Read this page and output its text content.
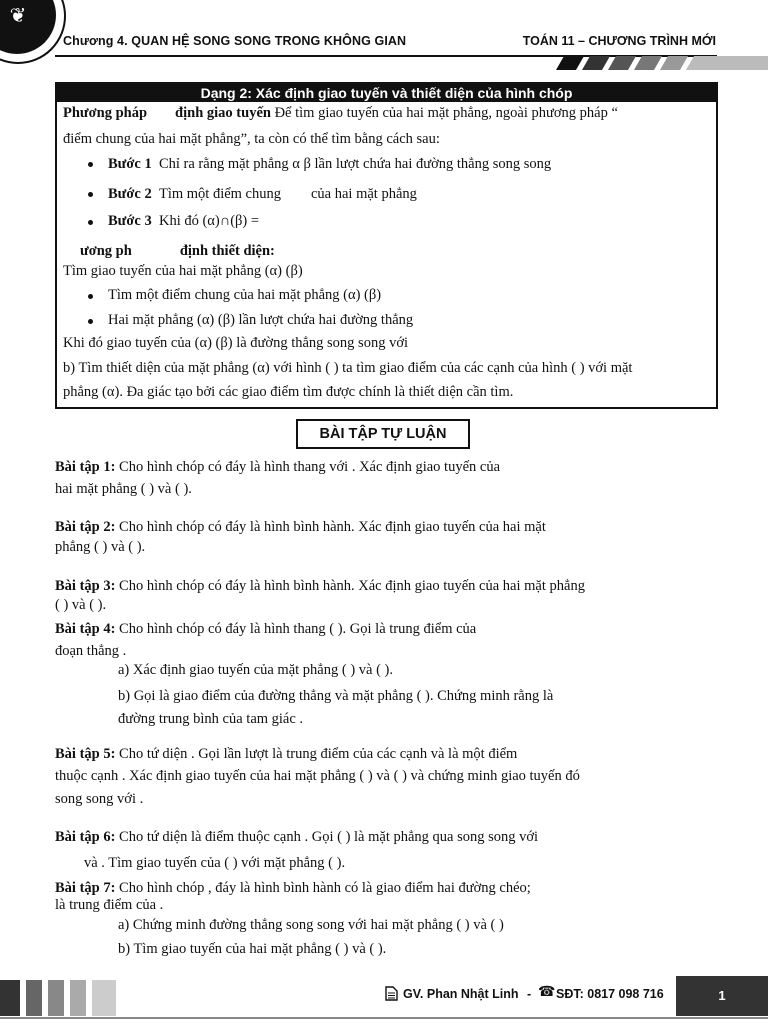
❦
Chương 4. QUAN HỆ SONG SONG TRONG KHÔNG GIAN	TOÁN 11 – CHƯƠNG TRÌNH MỚI
Dạng 2: Xác định giao tuyến và thiết diện của hình chóp
Phương pháp định giao tuyến Để tìm giao tuyến của hai mặt phẳng, ngoài phương pháp “
điểm chung của hai mặt phẳng”, ta còn có thể tìm bằng cách sau:
Bước 1 Chỉ ra rằng mặt phẳng α β lần lượt chứa hai đường thẳng song song
Bước 2 Tìm một điểm chung của hai mặt phẳng
Bước 3 Khi đó (α)∩(β) =
ương ph	định thiết diện:
Tìm giao tuyến của hai mặt phẳng (α) (β)
Tìm một điểm chung của hai mặt phẳng (α) (β)
Hai mặt phẳng (α) (β) lần lượt chứa hai đường thẳng
Khi đó giao tuyến của (α) (β) là đường thẳng song song với
b) Tìm thiết diện của mặt phẳng (α) với hình ( ) ta tìm giao điểm của các cạnh của hình ( ) với mặt
phẳng (α). Đa giác tạo bởi các giao điểm tìm được chính là thiết diện cần tìm.
BÀI TẬP TỰ LUẬN
Bài tập 1: Cho hình chóp có đáy là hình thang với . Xác định giao tuyến của
hai mặt phẳng ( ) và ( ).
Bài tập 2: Cho hình chóp có đáy là hình bình hành. Xác định giao tuyến của hai mặt
phẳng ( ) và ( ).
Bài tập 3: Cho hình chóp có đáy là hình bình hành. Xác định giao tuyến của hai mặt phẳng
( ) và ( ).
Bài tập 4: Cho hình chóp có đáy là hình thang ( ). Gọi là trung điểm của
đoạn thẳng .
a) Xác định giao tuyến của mặt phẳng ( ) và ( ).
b) Gọi là giao điểm của đường thẳng và mặt phẳng ( ). Chứng minh rằng là
đường trung bình của tam giác .
Bài tập 5: Cho tứ diện . Gọi lần lượt là trung điểm của các cạnh và là một điểm
thuộc cạnh . Xác định giao tuyến của hai mặt phẳng ( ) và ( ) và chứng minh giao tuyến đó
song song với .
Bài tập 6: Cho tứ diện là điểm thuộc cạnh . Gọi ( ) là mặt phẳng qua song song với
và . Tìm giao tuyến của ( ) với mặt phẳng ( ).
Bài tập 7: Cho hình chóp , đáy là hình bình hành có là giao điểm hai đường chéo;
là trung điểm của .
a) Chứng minh đường thẳng song song với hai mặt phẳng ( ) và ( )
b) Tìm giao tuyến của hai mặt phẳng ( ) và ( ).
GV. Phan Nhật Linh - ☎ SĐT: 0817 098 716	1
